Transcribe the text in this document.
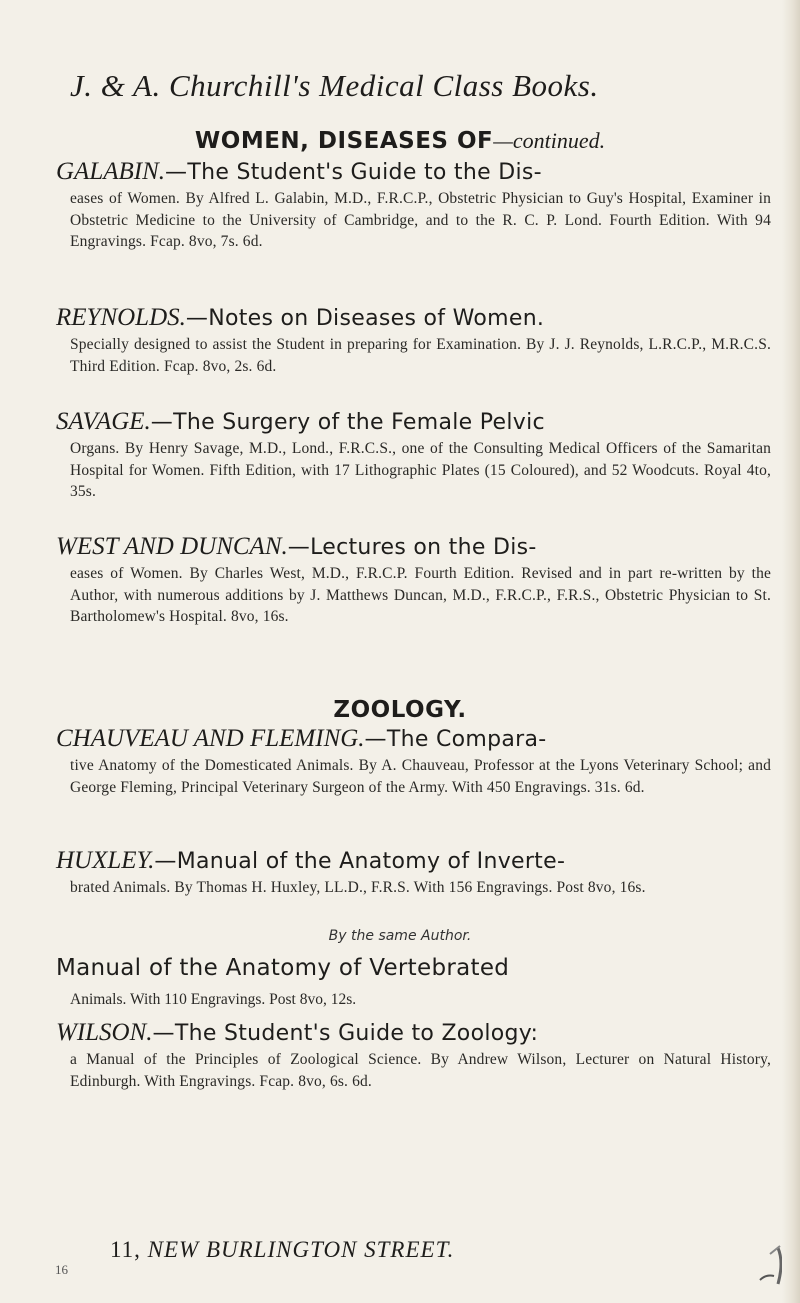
J. & A. Churchill's Medical Class Books.
WOMEN, DISEASES OF—continued.
GALABIN.—The Student's Guide to the Dis-
eases of Women. By Alfred L. Galabin, M.D., F.R.C.P., Obstetric Physician to Guy's Hospital, Examiner in Obstetric Medicine to the University of Cambridge, and to the R. C. P. Lond. Fourth Edition. With 94 Engravings. Fcap. 8vo, 7s. 6d.
REYNOLDS.—Notes on Diseases of Women.
Specially designed to assist the Student in preparing for Examination. By J. J. Reynolds, L.R.C.P., M.R.C.S. Third Edition. Fcap. 8vo, 2s. 6d.
SAVAGE.—The Surgery of the Female Pelvic
Organs. By Henry Savage, M.D., Lond., F.R.C.S., one of the Consulting Medical Officers of the Samaritan Hospital for Women. Fifth Edition, with 17 Lithographic Plates (15 Coloured), and 52 Woodcuts. Royal 4to, 35s.
WEST AND DUNCAN.—Lectures on the Dis-
eases of Women. By Charles West, M.D., F.R.C.P. Fourth Edition. Revised and in part re-written by the Author, with numerous additions by J. Matthews Duncan, M.D., F.R.C.P., F.R.S., Obstetric Physician to St. Bartholomew's Hospital. 8vo, 16s.
ZOOLOGY.
CHAUVEAU AND FLEMING.—The Compara-
tive Anatomy of the Domesticated Animals. By A. Chauveau, Professor at the Lyons Veterinary School; and George Fleming, Principal Veterinary Surgeon of the Army. With 450 Engravings. 31s. 6d.
HUXLEY.—Manual of the Anatomy of Inverte-
brated Animals. By Thomas H. Huxley, LL.D., F.R.S. With 156 Engravings. Post 8vo, 16s.
By the same Author.
Manual of the Anatomy of Vertebrated
Animals. With 110 Engravings. Post 8vo, 12s.
WILSON.—The Student's Guide to Zoology:
a Manual of the Principles of Zoological Science. By Andrew Wilson, Lecturer on Natural History, Edinburgh. With Engravings. Fcap. 8vo, 6s. 6d.
11, NEW BURLINGTON STREET.
16
